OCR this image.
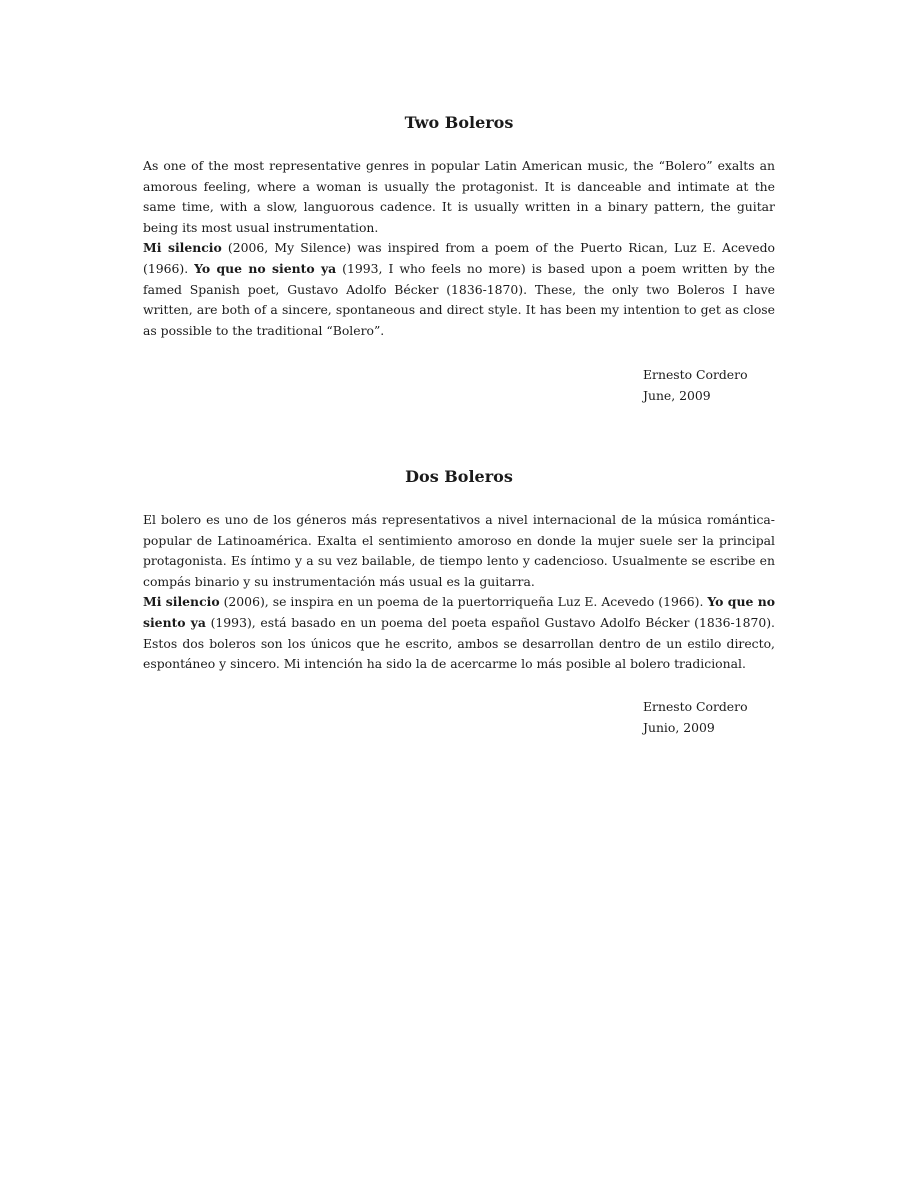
Two Boleros

As one of the most representative genres in popular Latin American music, the “Bolero” exalts an amorous feeling, where a woman is usually the protagonist. It is danceable and intimate at the same time, with a slow, languorous cadence. It is usually written in a binary pattern, the guitar being its most usual instrumentation.

Mi silencio (2006, My Silence) was inspired from a poem of the Puerto Rican, Luz E. Acevedo (1966). Yo que no siento ya (1993, I who feels no more) is based upon a poem written by the famed Spanish poet, Gustavo Adolfo Bécker (1836-1870). These, the only two Boleros I have written, are both of a sincere, spontaneous and direct style. It has been my intention to get as close as possible to the traditional “Bolero”.

Ernesto Cordero
June, 2009
Dos Boleros

El bolero es uno de los géneros más representativos a nivel internacional de la música romántica-popular de Latinoamérica. Exalta el sentimiento amoroso en donde la mujer suele ser la principal protagonista. Es íntimo y a su vez bailable, de tiempo lento y cadencioso. Usualmente se escribe en compás binario y su instrumentación más usual es la guitarra.

Mi silencio (2006), se inspira en un poema de la puertorriqueña Luz E. Acevedo (1966). Yo que no siento ya (1993), está basado en un poema del poeta español Gustavo Adolfo Bécker (1836-1870). Estos dos boleros son los únicos que he escrito, ambos se desarrollan dentro de un estilo directo, espontáneo y sincero. Mi intención ha sido la de acercarme lo más posible al bolero tradicional.

Ernesto Cordero
Junio, 2009
